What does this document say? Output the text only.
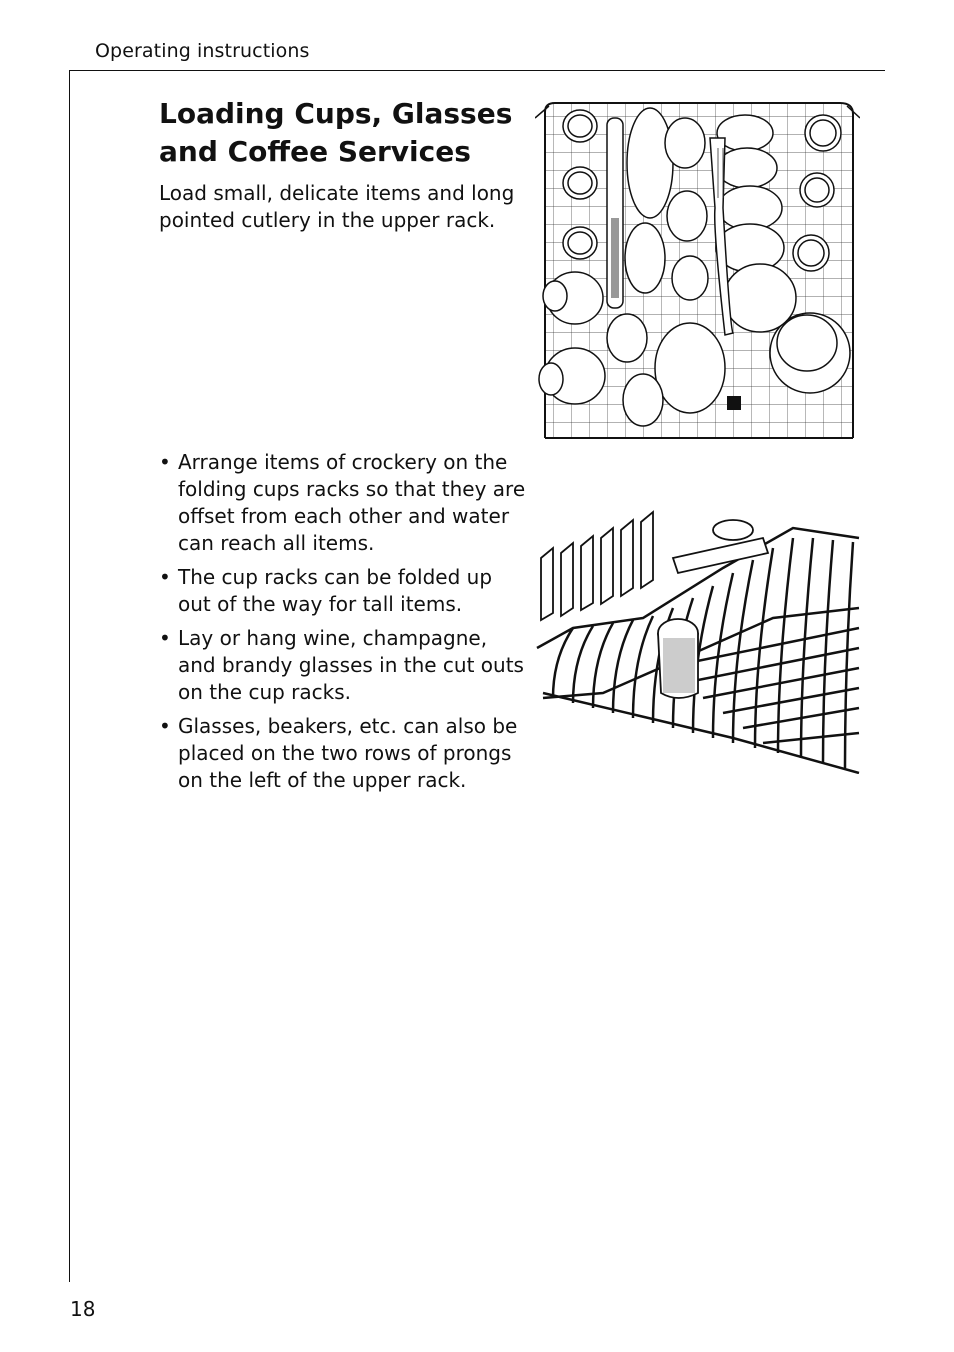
Operating instructions
Loading Cups, Glasses and Coffee Services

Load small, delicate items and long pointed cutlery in the upper rack.

• Arrange items of crockery on the folding cups racks so that they are offset from each other and water can reach all items.
• The cup racks can be folded up out of the way for tall items.
• Lay or hang wine, champagne, and brandy glasses in the cut outs on the cup racks.
• Glasses, beakers, etc. can also be placed on the two rows of prongs on the left of the upper rack.
18
